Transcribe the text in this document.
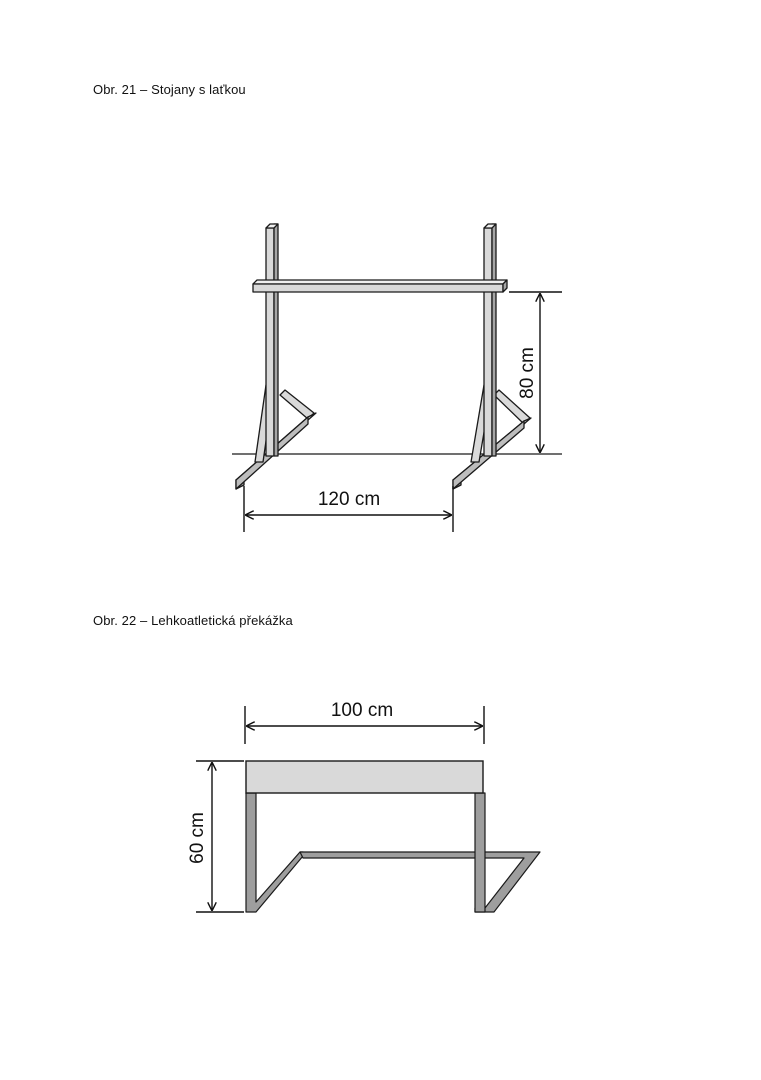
Obr. 21 – Stojany s laťkou
Obr. 22 – Lehkoatletická překážka
80 cm
120 cm
100 cm
60 cm
